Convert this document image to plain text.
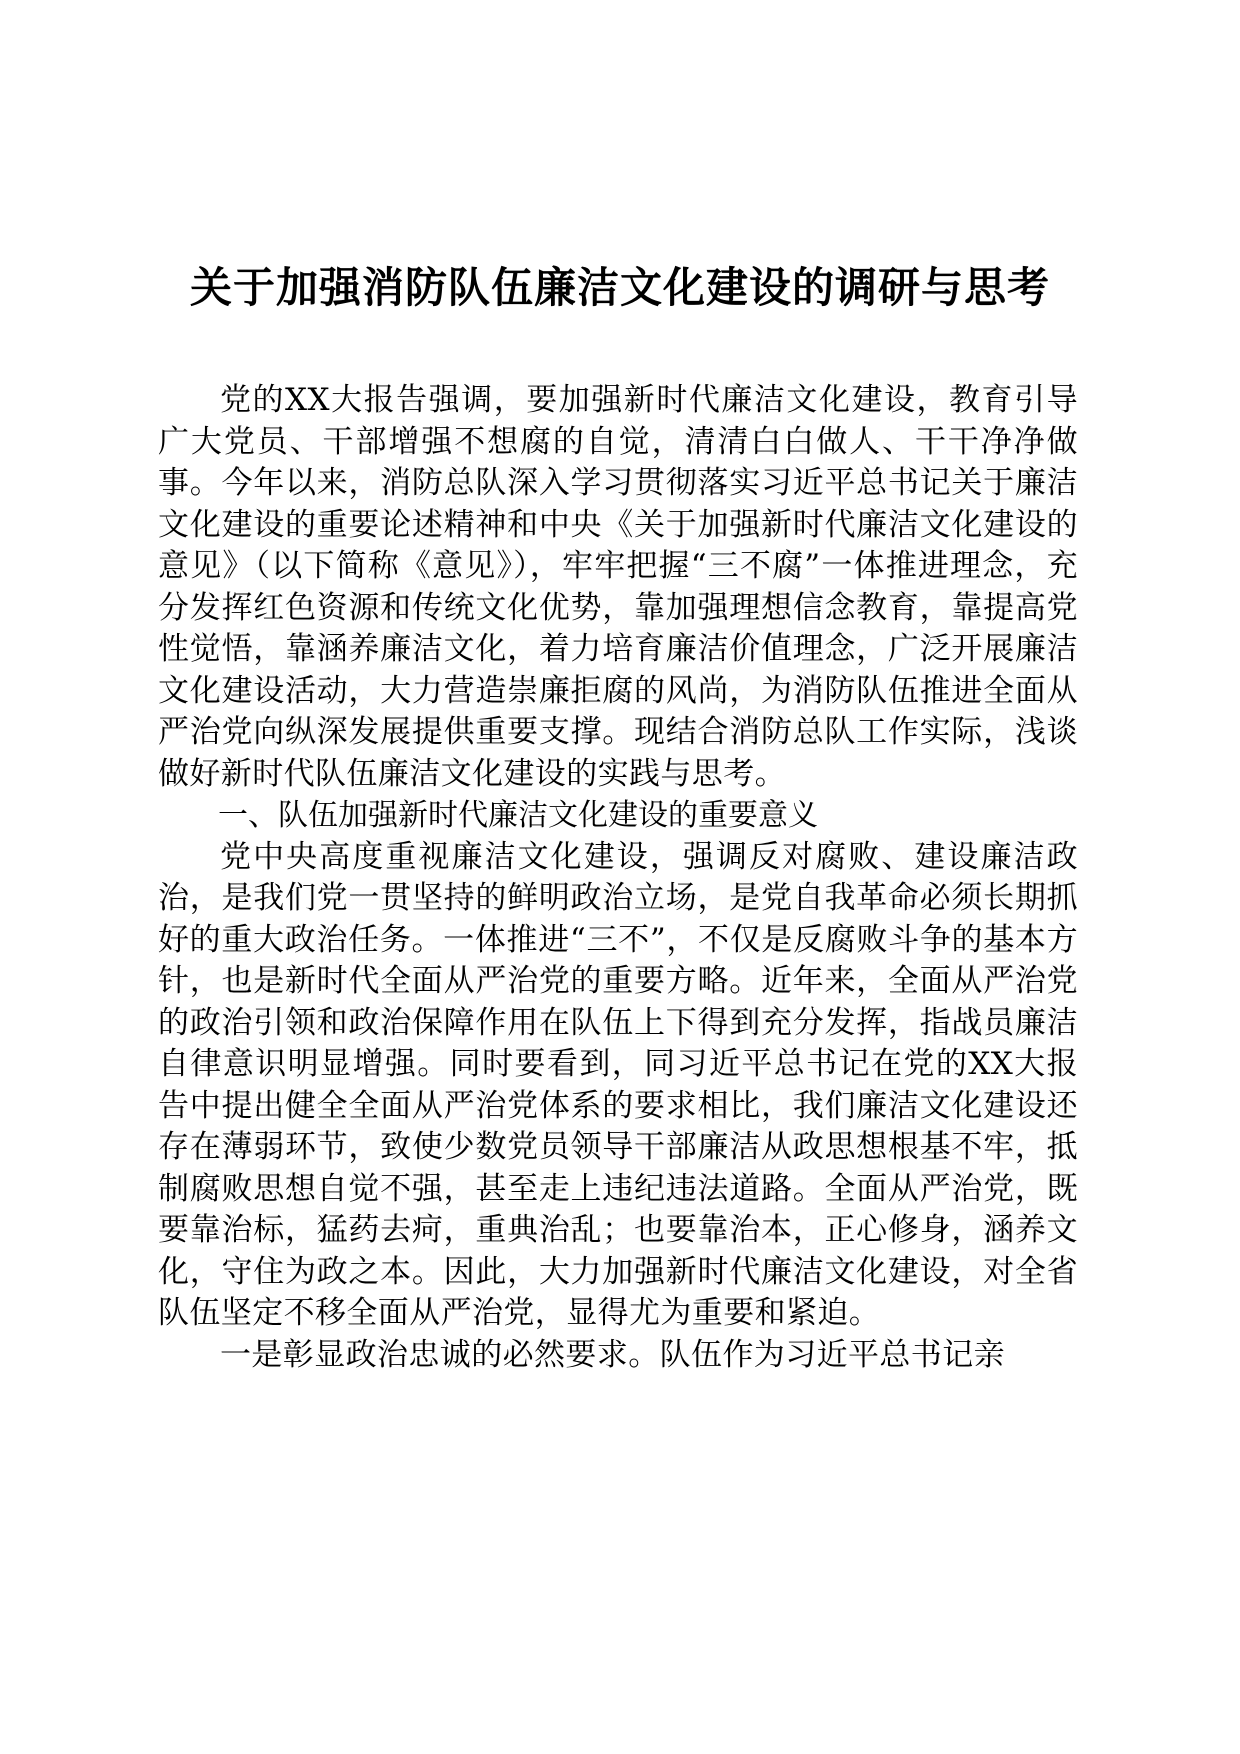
关于加强消防队伍廉洁文化建设的调研与思考

党的XX大报告强调，要加强新时代廉洁文化建设，教育引导广大党员、干部增强不想腐的自觉，清清白白做人、干干净净做事。今年以来，消防总队深入学习贯彻落实习近平总书记关于廉洁文化建设的重要论述精神和中央《关于加强新时代廉洁文化建设的意见》（以下简称《意见》），牢牢把握“三不腐”一体推进理念，充分发挥红色资源和传统文化优势，靠加强理想信念教育，靠提高党性觉悟，靠涵养廉洁文化，着力培育廉洁价值理念，广泛开展廉洁文化建设活动，大力营造崇廉拒腐的风尚，为消防队伍推进全面从严治党向纵深发展提供重要支撑。现结合消防总队工作实际，浅谈做好新时代队伍廉洁文化建设的实践与思考。

一、队伍加强新时代廉洁文化建设的重要意义

党中央高度重视廉洁文化建设，强调反对腐败、建设廉洁政治，是我们党一贯坚持的鲜明政治立场，是党自我革命必须长期抓好的重大政治任务。一体推进“三不”，不仅是反腐败斗争的基本方针，也是新时代全面从严治党的重要方略。近年来，全面从严治党的政治引领和政治保障作用在队伍上下得到充分发挥，指战员廉洁自律意识明显增强。同时要看到，同习近平总书记在党的XX大报告中提出健全全面从严治党体系的要求相比，我们廉洁文化建设还存在薄弱环节，致使少数党员领导干部廉洁从政思想根基不牢，抵制腐败思想自觉不强，甚至走上违纪违法道路。全面从严治党，既要靠治标，猛药去疴，重典治乱；也要靠治本，正心修身，涵养文化，守住为政之本。因此，大力加强新时代廉洁文化建设，对全省队伍坚定不移全面从严治党，显得尤为重要和紧迫。

一是彰显政治忠诚的必然要求。队伍作为习近平总书记亲
